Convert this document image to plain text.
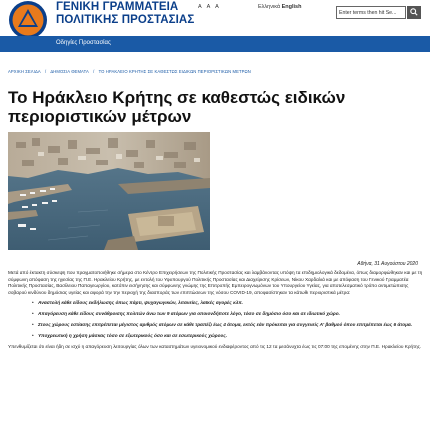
ΓΕΝΙΚΗ ΓΡΑΜΜΑΤΕΙΑ
ΠΟΛΙΤΙΚΗΣ ΠΡΟΣΤΑΣΙΑΣ
A A A	Ελληνικά English
Enter terms then hit Se...
Οδηγίες Προστασίας
ΑΡΧΙΚΗ ΣΕΛΙΔΑ / ΔΗΜΟΣΙΑ ΘΕΜΑΤΑ / ΤΟ ΗΡΑΚΛΕΙΟ ΚΡΗΤΗΣ ΣΕ ΚΑΘΕΣΤΩΣ ΕΙΔΙΚΩΝ ΠΕΡΙΟΡΙΣΤΙΚΩΝ ΜΕΤΡΩΝ
Το Ηράκλειο Κρήτης σε καθεστώς ειδικών περιοριστικών μέτρων
Αθήνα, 31 Αυγούστου 2020

Μετά από έκτακτη σύσκεψη που πραγματοποιήθηκε σήμερα στο Κέντρο Επιχειρήσεων της Πολιτικής Προστασίας και λαμβάνοντας υπόψη τα επιδημιολογικά δεδομένα, όπως διαμορφώθηκαν και με τη σύμφωνη απόφαση της ηγεσίας της Π.Ε. Ηρακλείου Κρήτης, με εντολή του Υφυπουργού Πολιτικής Προστασίας και Διαχείρισης Κρίσεων, Νίκου Χαρδαλιά και με απόφαση του Γενικού Γραμματέα Πολιτικής Προστασίας, Βασίλειου Παπαγεωργίου, κατόπιν εισήγησης και σύμφωνης γνώμης της Επιτροπής Εμπειρογνωμόνων του Υπουργείου Υγείας, για αποτελεσματικό τρόπο αντιμετώπισης σοβαρού κινδύνου δημόσιας υγείας και αφορά την την περιοχή της διασποράς των επιπτώσεων της νόσου COVID-19, αποφασίστηκαν τα κάτωθι περιοριστικά μέτρα:

• Αναστολή κάθε είδους εκδήλωσης όπως πάρτι, ψυχαγωγικών, λιτανείες, λαϊκές αγορές κλπ.
• Απαγόρευση κάθε είδους συνάθροισης πολιτών άνω των 9 ατόμων για οποιονδήποτε λόγο, τόσο σε δημόσιο όσο και σε ιδιωτικό χώρο.
• Στους χώρους εστίασης επιτρέπεται μέγιστος αριθμός ατόμων σε κάθε τραπέζι έως 4 άτομα, εκτός εάν πρόκειται για συγγενείς Α' βαθμού όπου επιτρέπεται έως 6 άτομα.
• Υποχρεωτική η χρήση μάσκας τόσο σε εξωτερικούς όσο και σε εσωτερικούς χώρους.

Υπενθυμίζεται ότι είναι ήδη σε ισχύ η απαγόρευση λειτουργίας όλων των καταστημάτων υγειονομικού ενδιαφέροντος από τις 12 τα μεσάνυχτα έως τις 07:00 της επομένης στην Π.Ε. Ηρακλείου Κρήτης.
